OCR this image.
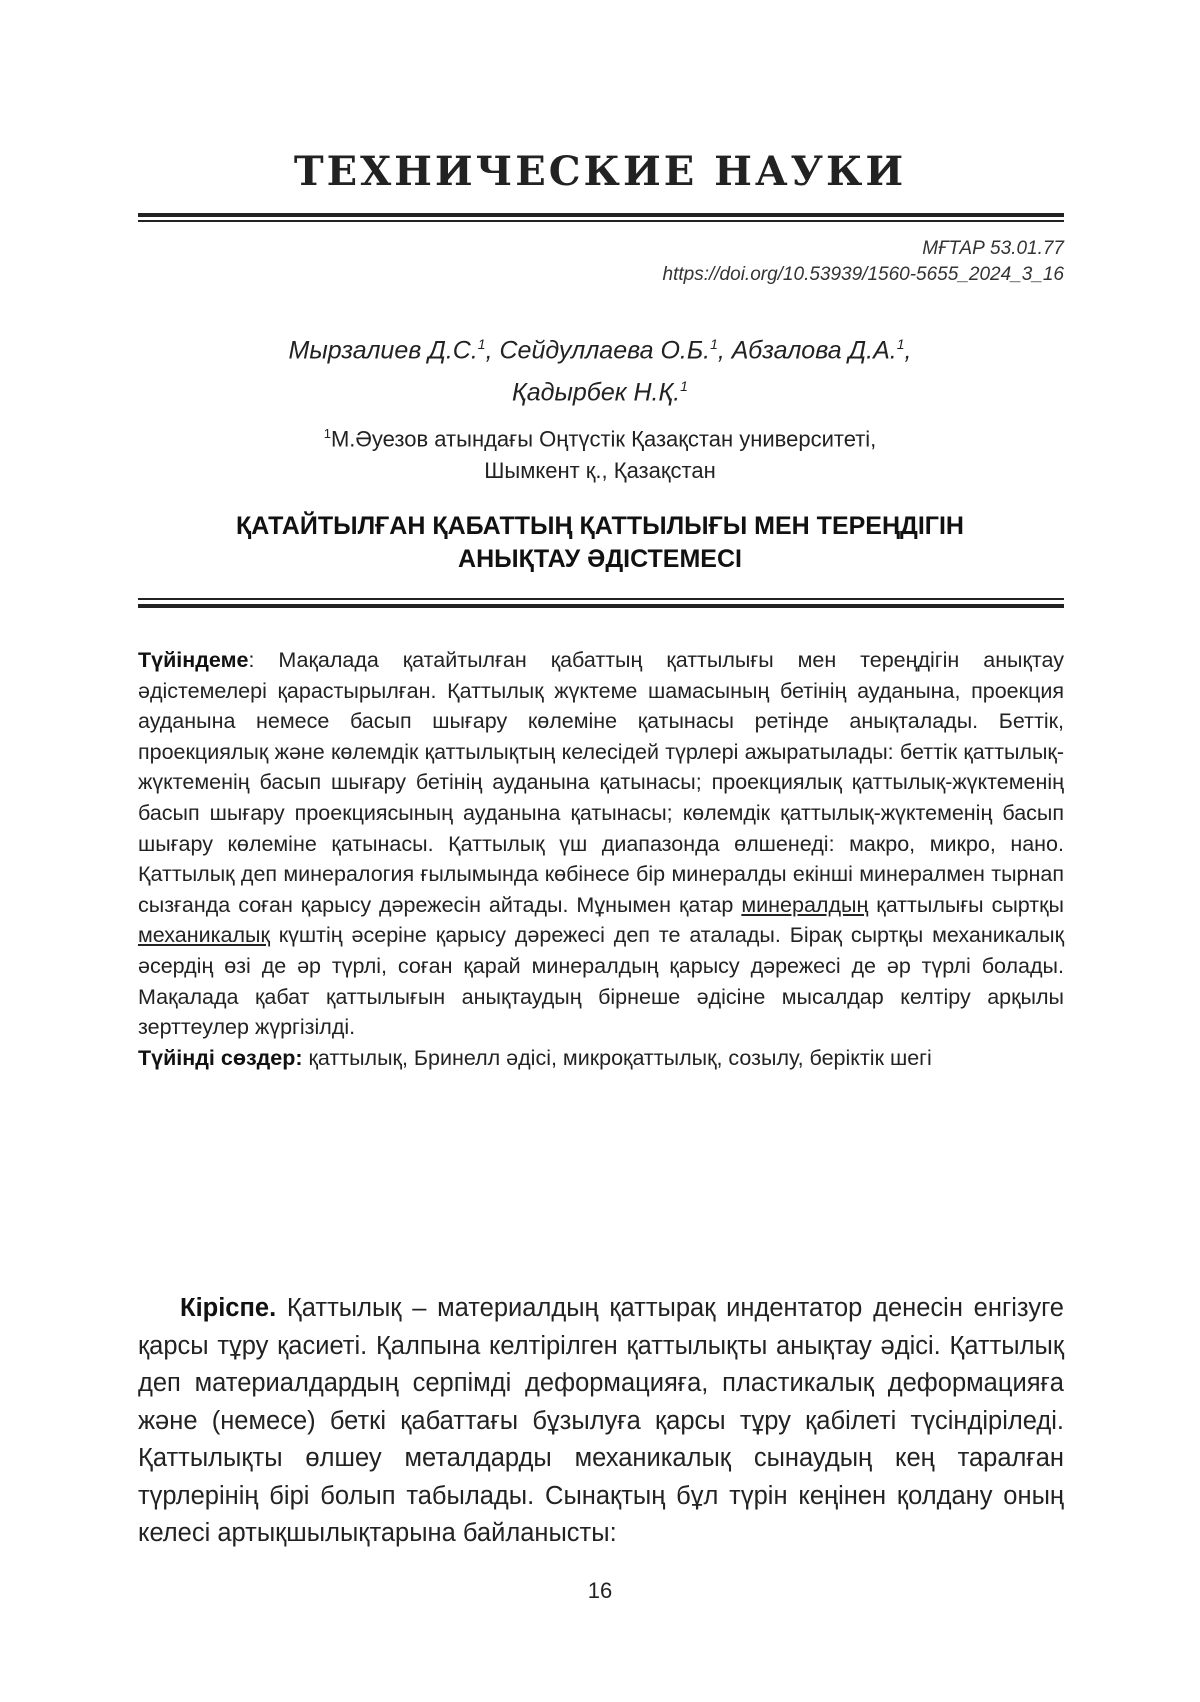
ТЕХНИЧЕСКИЕ НАУКИ
МҒТАР 53.01.77
https://doi.org/10.53939/1560-5655_2024_3_16
Мырзалиев Д.С.$^1$, Сейдуллаева О.Б.$^1$, Абзалова Д.А.$^1$,
Қадырбек Н.Қ.$^1$
$^1$М.Әуезов атындағы Оңтүстік Қазақстан университеті,
Шымкент қ., Қазақстан
ҚАТАЙТЫЛҒАН ҚАБАТТЫҢ ҚАТТЫЛЫҒЫ МЕН ТЕРЕҢДІГІН
АНЫҚТАУ ӘДІСТЕМЕСІ
Түйіндеме: Мақалада қатайтылған қабаттың қаттылығы мен тереңдігін анықтау әдістемелері қарастырылған. Қаттылық жүктеме шамасының бетінің ауданына, проекция ауданына немесе басып шығару көлеміне қатынасы ретінде анықталады. Беттік, проекциялық және көлемдік қаттылықтың келесідей түрлері ажыратылады: беттік қаттылық-жүктеменің басып шығару бетінің ауданына қатынасы; проекциялық қаттылық-жүктеменің басып шығару проекциясының ауданына қатынасы; көлемдік қаттылық-жүктеменің басып шығару көлеміне қатынасы. Қаттылық үш диапазонда өлшенеді: макро, микро, нано. Қаттылық деп минералогия ғылымында көбінесе бір минералды екінші минералмен тырнап сызғанда соған қарысу дәрежесін айтады. Мұнымен қатар минералдың қаттылығы сыртқы механикалық күштің әсеріне қарысу дәрежесі деп те аталады. Бірақ сыртқы механикалық әсердің өзі де әр түрлі, соған қарай минералдың қарысу дәрежесі де әр түрлі болады. Мақалада қабат қаттылығын анықтаудың бірнеше әдісіне мысалдар келтіру арқылы зерттеулер жүргізілді.
Түйінді сөздер: қаттылық, Бринелл әдісі, микроқаттылық, созылу, беріктік шегі
Кіріспе. Қаттылық – материалдың қаттырақ индентатор денесін енгізуге қарсы тұру қасиеті. Қалпына келтірілген қаттылықты анықтау әдісі. Қаттылық деп материалдардың серпімді деформацияға, пластикалық деформацияға және (немесе) беткі қабаттағы бұзылуға қарсы тұру қабілеті түсіндіріледі. Қаттылықты өлшеу металдарды механикалық сынаудың кең таралған түрлерінің бірі болып табылады. Сынақтың бұл түрін кеңінен қолдану оның келесі артықшылықтарына байланысты:
16
